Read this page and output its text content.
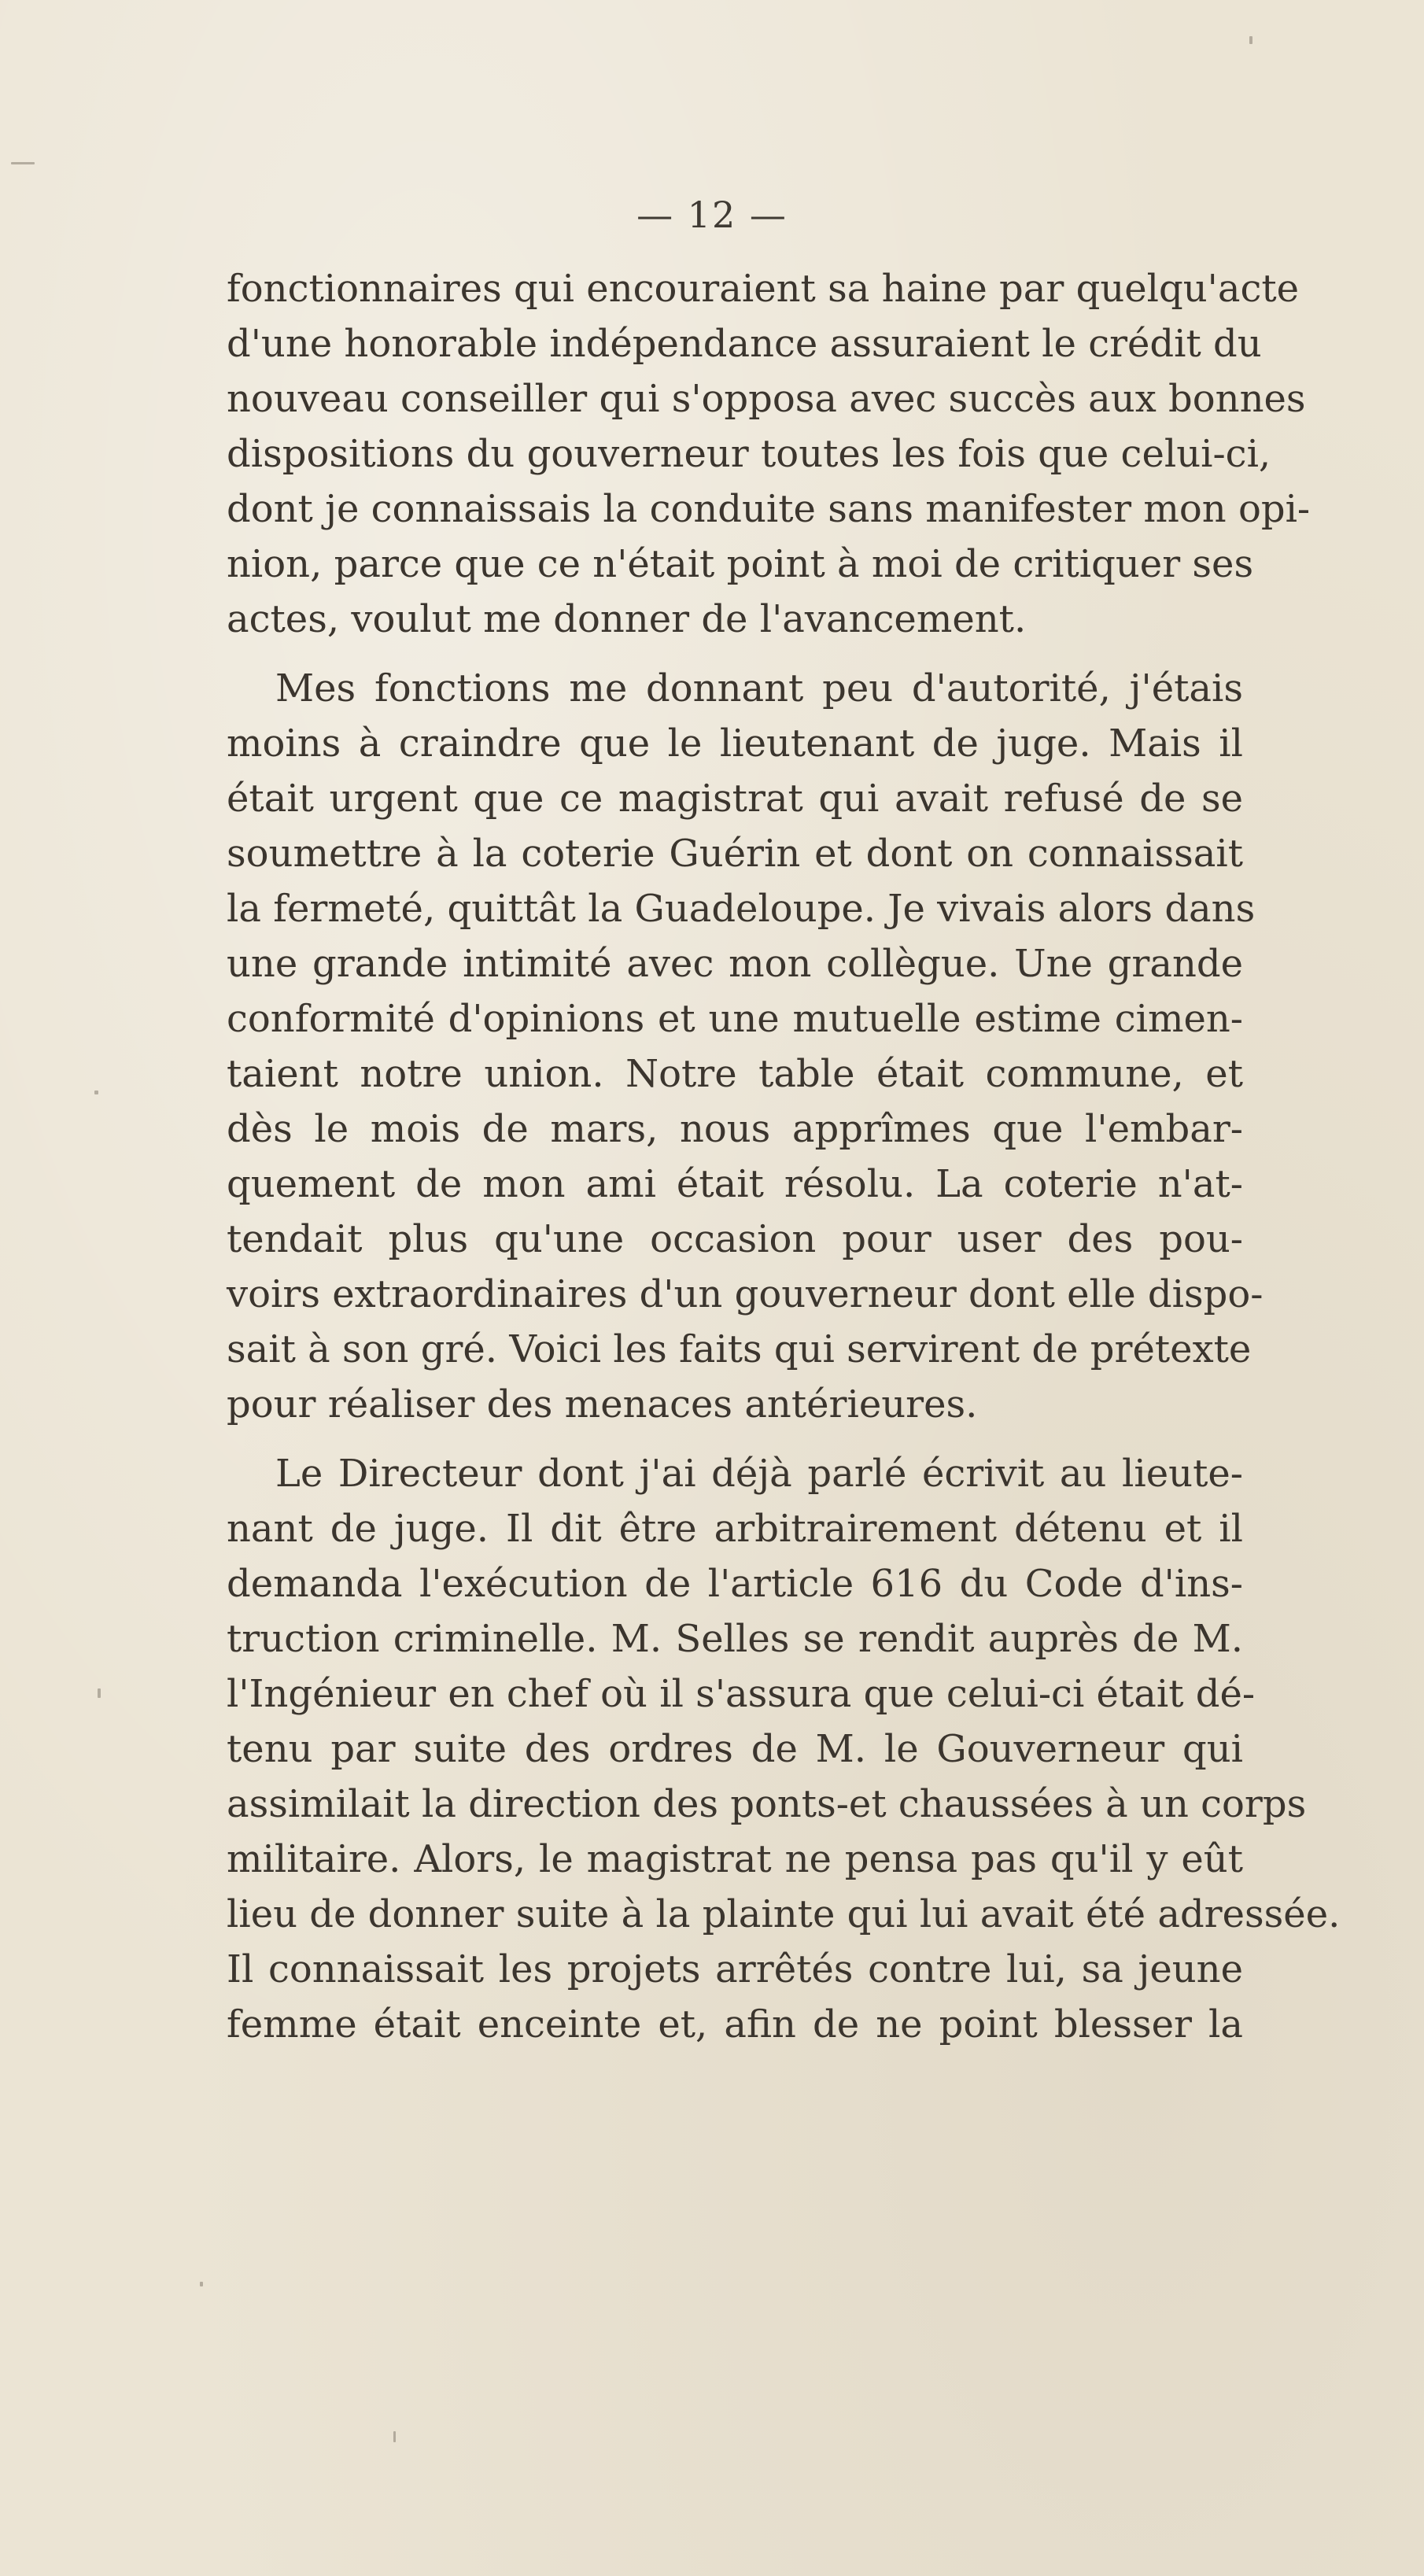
— 12 —
fonctionnaires qui encouraient sa haine par quelqu'acte
d'une honorable indépendance assuraient le crédit du
nouveau conseiller qui s'opposa avec succès aux bonnes
dispositions du gouverneur toutes les fois que celui-ci,
dont je connaissais la conduite sans manifester mon opi-
nion, parce que ce n'était point à moi de critiquer ses
actes, voulut me donner de l'avancement.
Mes fonctions me donnant peu d'autorité, j'étais
moins à craindre que le lieutenant de juge. Mais il
était urgent que ce magistrat qui avait refusé de se
soumettre à la coterie Guérin et dont on connaissait
la fermeté, quittât la Guadeloupe. Je vivais alors dans
une grande intimité avec mon collègue. Une grande
conformité d'opinions et une mutuelle estime cimen-
taient notre union. Notre table était commune, et
dès le mois de mars, nous apprîmes que l'embar-
quement de mon ami était résolu. La coterie n'at-
tendait plus qu'une occasion pour user des pou-
voirs extraordinaires d'un gouverneur dont elle dispo-
sait à son gré. Voici les faits qui servirent de prétexte
pour réaliser des menaces antérieures.
Le Directeur dont j'ai déjà parlé écrivit au lieute-
nant de juge. Il dit être arbitrairement détenu et il
demanda l'exécution de l'article 616 du Code d'ins-
truction criminelle. M. Selles se rendit auprès de M.
l'Ingénieur en chef où il s'assura que celui-ci était dé-
tenu par suite des ordres de M. le Gouverneur qui
assimilait la direction des ponts-et chaussées à un corps
militaire. Alors, le magistrat ne pensa pas qu'il y eût
lieu de donner suite à la plainte qui lui avait été adressée.
Il connaissait les projets arrêtés contre lui, sa jeune
femme était enceinte et, afin de ne point blesser la
